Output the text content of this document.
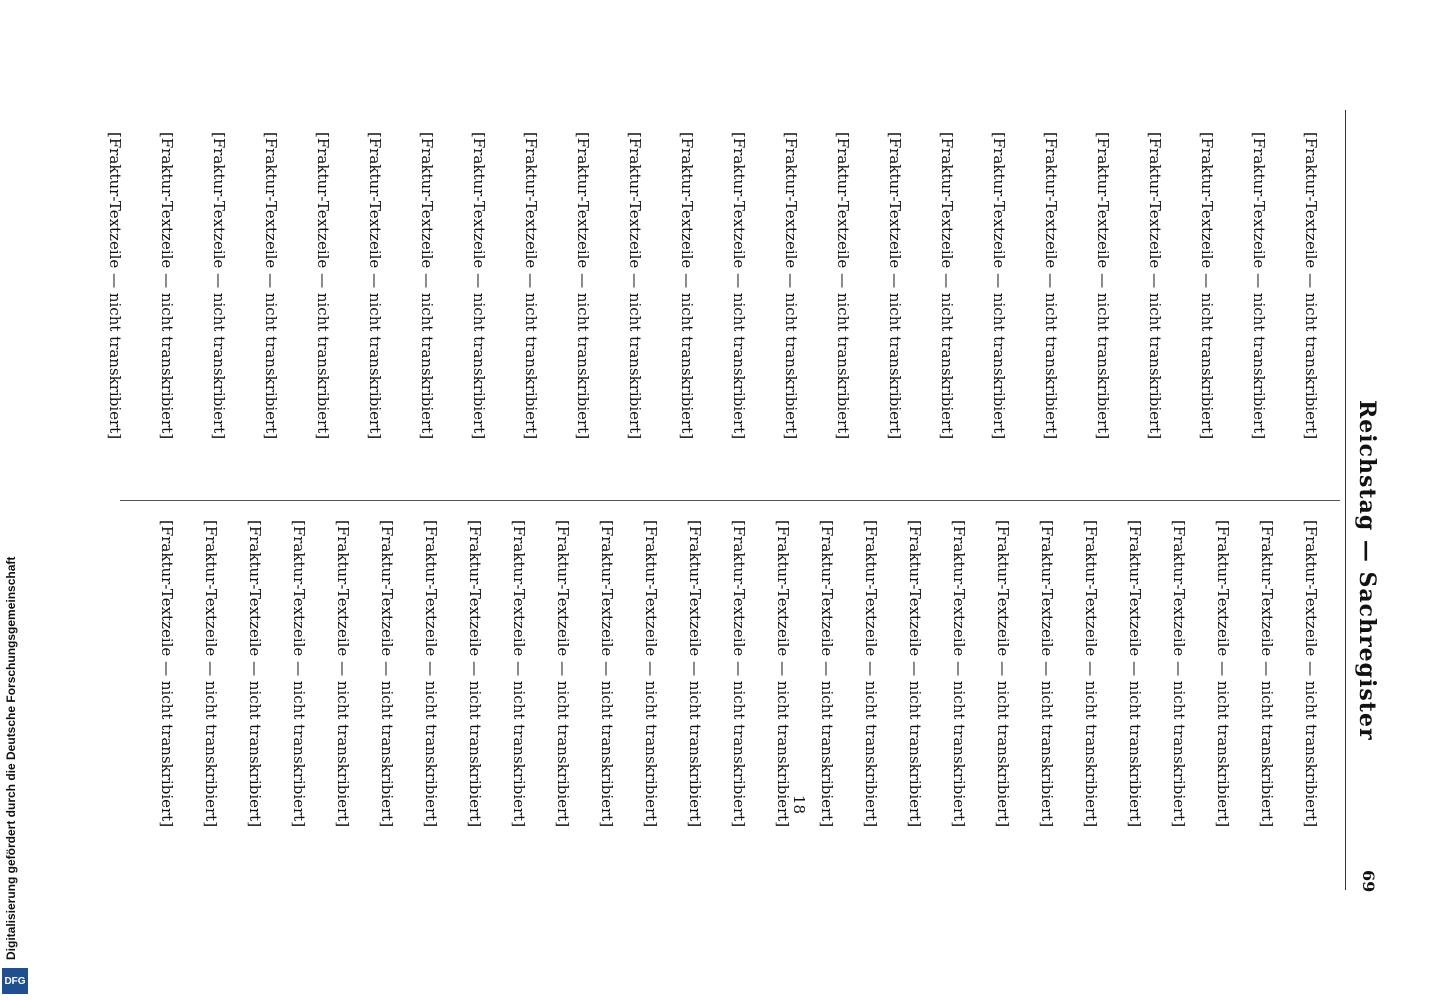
Digitalisierung gefördert durch die Deutsche Forschungsgemeinschaft
DFG
Reichstag — Sachregister
69
18
[Fraktur-Textzeile — nicht transkribiert]
[Fraktur-Textzeile — nicht transkribiert]
[Fraktur-Textzeile — nicht transkribiert]
[Fraktur-Textzeile — nicht transkribiert]
[Fraktur-Textzeile — nicht transkribiert]
[Fraktur-Textzeile — nicht transkribiert]
[Fraktur-Textzeile — nicht transkribiert]
[Fraktur-Textzeile — nicht transkribiert]
[Fraktur-Textzeile — nicht transkribiert]
[Fraktur-Textzeile — nicht transkribiert]
[Fraktur-Textzeile — nicht transkribiert]
[Fraktur-Textzeile — nicht transkribiert]
[Fraktur-Textzeile — nicht transkribiert]
[Fraktur-Textzeile — nicht transkribiert]
[Fraktur-Textzeile — nicht transkribiert]
[Fraktur-Textzeile — nicht transkribiert]
[Fraktur-Textzeile — nicht transkribiert]
[Fraktur-Textzeile — nicht transkribiert]
[Fraktur-Textzeile — nicht transkribiert]
[Fraktur-Textzeile — nicht transkribiert]
[Fraktur-Textzeile — nicht transkribiert]
[Fraktur-Textzeile — nicht transkribiert]
[Fraktur-Textzeile — nicht transkribiert]
[Fraktur-Textzeile — nicht transkribiert]
[Fraktur-Textzeile — nicht transkribiert]
[Fraktur-Textzeile — nicht transkribiert]
[Fraktur-Textzeile — nicht transkribiert]
[Fraktur-Textzeile — nicht transkribiert]
[Fraktur-Textzeile — nicht transkribiert]
[Fraktur-Textzeile — nicht transkribiert]
[Fraktur-Textzeile — nicht transkribiert]
[Fraktur-Textzeile — nicht transkribiert]
[Fraktur-Textzeile — nicht transkribiert]
[Fraktur-Textzeile — nicht transkribiert]
[Fraktur-Textzeile — nicht transkribiert]
[Fraktur-Textzeile — nicht transkribiert]
[Fraktur-Textzeile — nicht transkribiert]
[Fraktur-Textzeile — nicht transkribiert]
[Fraktur-Textzeile — nicht transkribiert]
[Fraktur-Textzeile — nicht transkribiert]
[Fraktur-Textzeile — nicht transkribiert]
[Fraktur-Textzeile — nicht transkribiert]
[Fraktur-Textzeile — nicht transkribiert]
[Fraktur-Textzeile — nicht transkribiert]
[Fraktur-Textzeile — nicht transkribiert]
[Fraktur-Textzeile — nicht transkribiert]
[Fraktur-Textzeile — nicht transkribiert]
[Fraktur-Textzeile — nicht transkribiert]
[Fraktur-Textzeile — nicht transkribiert]
[Fraktur-Textzeile — nicht transkribiert]
[Fraktur-Textzeile — nicht transkribiert]
